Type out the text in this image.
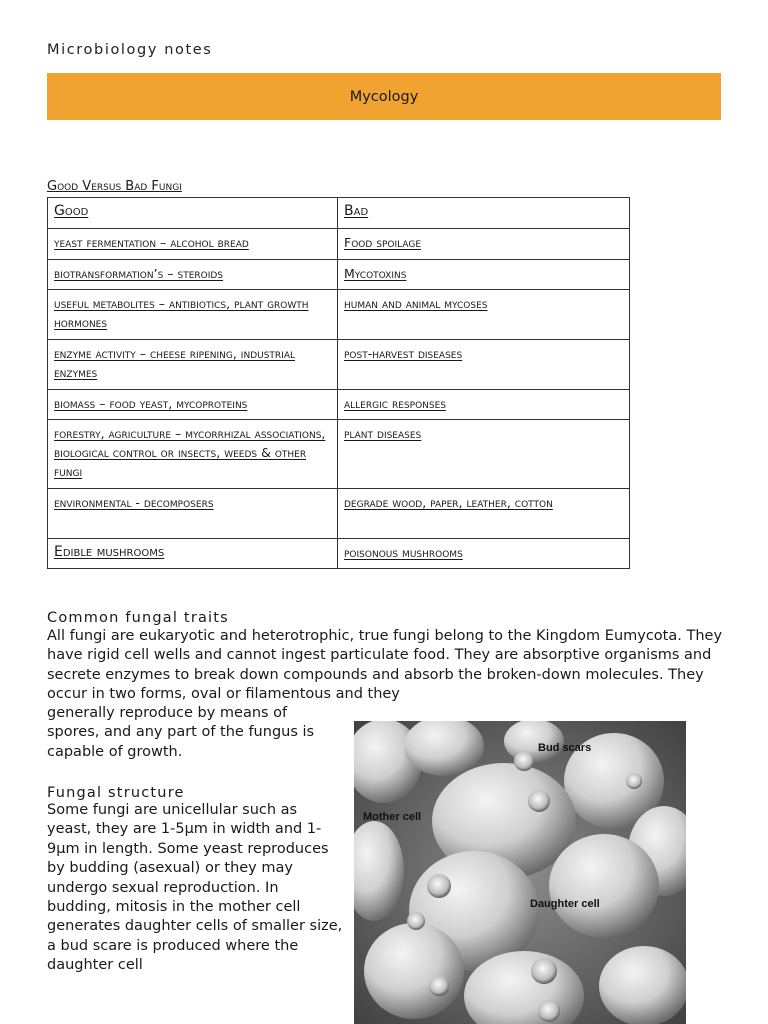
Microbiology notes
Mycology
Good Versus Bad Fungi
Good	Bad
yeast fermentation – alcohol bread	Food spoilage
biotransformation’s – steroids	Mycotoxins
useful metabolites – antibiotics, plant growth hormones	human and animal mycoses
enzyme activity – cheese ripening, industrial enzymes	post-harvest diseases
biomass – food yeast, mycoproteins	allergic responses
forestry, agriculture – mycorrhizal associations, biological control or insects, weeds & other fungi	plant diseases
environmental - decomposers	degrade wood, paper, leather, cotton
Edible mushrooms	poisonous mushrooms
Common fungal traits
All fungi are eukaryotic and heterotrophic, true fungi belong to the Kingdom Eumycota. They have rigid cell wells and cannot ingest particulate food. They are absorptive organisms and secrete enzymes to break down compounds and absorb the broken-down molecules. They occur in two forms, oval or filamentous and they
generally reproduce by means of spores, and any part of the fungus is capable of growth.
Fungal structure
Some fungi are unicellular such as yeast, they are 1-5µm in width and 1-9µm in length. Some yeast reproduces by budding (asexual) or they may undergo sexual reproduction. In budding, mitosis in the mother cell generates daughter cells of smaller size, a bud scare is produced where the daughter cell
Bud scars
Mother cell
Daughter cell
